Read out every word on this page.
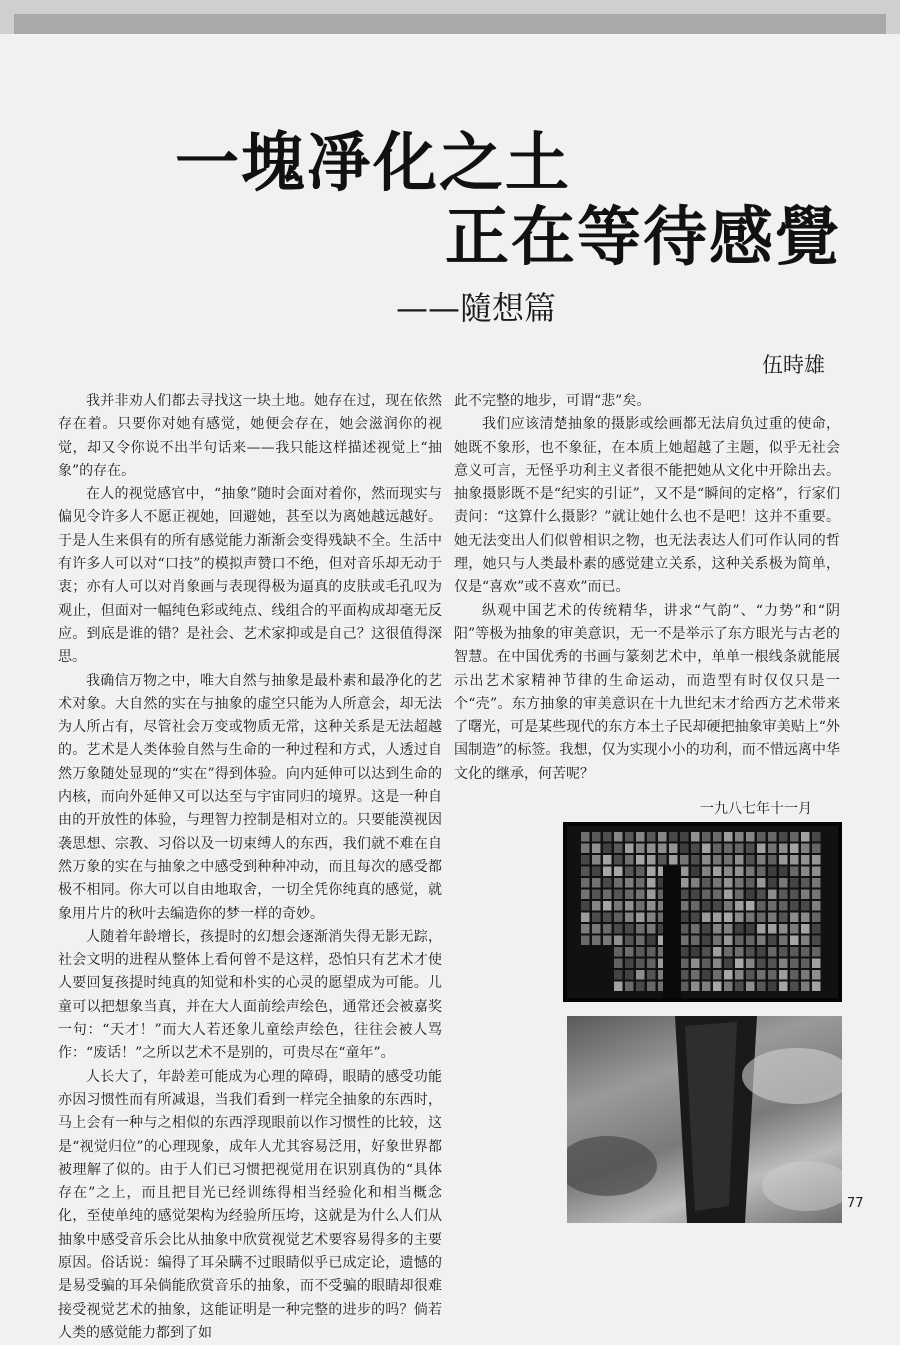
一塊凈化之土
正在等待感覺
——隨想篇
伍時雄

我并非劝人们都去寻找这一块土地。她存在过，现在依然存在着。只要你对她有感觉，她便会存在，她会滋润你的视觉，却又令你说不出半句话来——我只能这样描述视觉上“抽象”的存在。

在人的视觉感官中，“抽象”随时会面对着你，然而现实与偏见令许多人不愿正视她，回避她，甚至以为离她越远越好。于是人生来俱有的所有感觉能力渐渐会变得残缺不全。生活中有许多人可以对“口技”的模拟声赞口不绝，但对音乐却无动于衷；亦有人可以对肖象画与表现得极为逼真的皮肤或毛孔叹为观止，但面对一幅纯色彩或纯点、线组合的平面构成却毫无反应。到底是谁的错？是社会、艺术家抑或是自己？这很值得深思。

我确信万物之中，唯大自然与抽象是最朴素和最净化的艺术对象。大自然的实在与抽象的虚空只能为人所意会，却无法为人所占有，尽管社会万变或物质无常，这种关系是无法超越的。艺术是人类体验自然与生命的一种过程和方式，人透过自然万象随处显现的“实在”得到体验。向内延伸可以达到生命的内核，而向外延伸又可以达至与宇宙同归的境界。这是一种自由的开放性的体验，与理智力控制是相对立的。只要能漠视因袭思想、宗教、习俗以及一切束缚人的东西，我们就不难在自然万象的实在与抽象之中感受到种种冲动，而且每次的感受都极不相同。你大可以自由地取舍，一切全凭你纯真的感觉，就象用片片的秋叶去编造你的梦一样的奇妙。

人随着年龄增长，孩提时的幻想会逐渐消失得无影无踪，社会文明的进程从整体上看何曾不是这样，恐怕只有艺术才使人要回复孩提时纯真的知觉和朴实的心灵的愿望成为可能。儿童可以把想象当真，并在大人面前绘声绘色，通常还会被嘉奖一句：“天才！”而大人若还象儿童绘声绘色，往往会被人骂作：“废话！”之所以艺术不是别的，可贵尽在“童年”。

人长大了，年龄差可能成为心理的障碍，眼睛的感受功能亦因习惯性而有所减退，当我们看到一样完全抽象的东西时，马上会有一种与之相似的东西浮现眼前以作习惯性的比较，这是“视觉归位”的心理现象，成年人尤其容易泛用，好象世界都被理解了似的。由于人们已习惯把视觉用在识别真伪的“具体存在”之上，而且把目光已经训练得相当经验化和相当概念化，至使单纯的感觉架构为经验所压垮，这就是为什么人们从抽象中感受音乐会比从抽象中欣赏视觉艺术要容易得多的主要原因。俗话说：编得了耳朵瞒不过眼睛似乎已成定论，遗憾的是易受骗的耳朵倘能欣赏音乐的抽象，而不受骗的眼睛却很难接受视觉艺术的抽象，这能证明是一种完整的进步的吗？倘若人类的感觉能力都到了如

此不完整的地步，可谓“悲”矣。

我们应该清楚抽象的摄影或绘画都无法肩负过重的使命，她既不象形，也不象征，在本质上她超越了主题，似乎无社会意义可言，无怪乎功利主义者很不能把她从文化中开除出去。抽象摄影既不是“纪实的引证”，又不是“瞬间的定格”，行家们责问：“这算什么摄影？”就让她什么也不是吧！这并不重要。她无法变出人们似曾相识之物，也无法表达人们可作认同的哲理，她只与人类最朴素的感觉建立关系，这种关系极为简单，仅是“喜欢”或不喜欢”而已。

纵观中国艺术的传统精华，讲求“气韵”、“力势”和“阴阳”等极为抽象的审美意识，无一不是举示了东方眼光与古老的智慧。在中国优秀的书画与篆刻艺术中，单单一根线条就能展示出艺术家精神节律的生命运动，而造型有时仅仅只是一个“壳”。东方抽象的审美意识在十九世纪末才给西方艺术带来了曙光，可是某些现代的东方本土子民却硬把抽象审美贴上“外国制造”的标签。我想，仅为实现小小的功利，而不惜远离中华文化的继承，何苦呢？

一九八七年十一月

77
